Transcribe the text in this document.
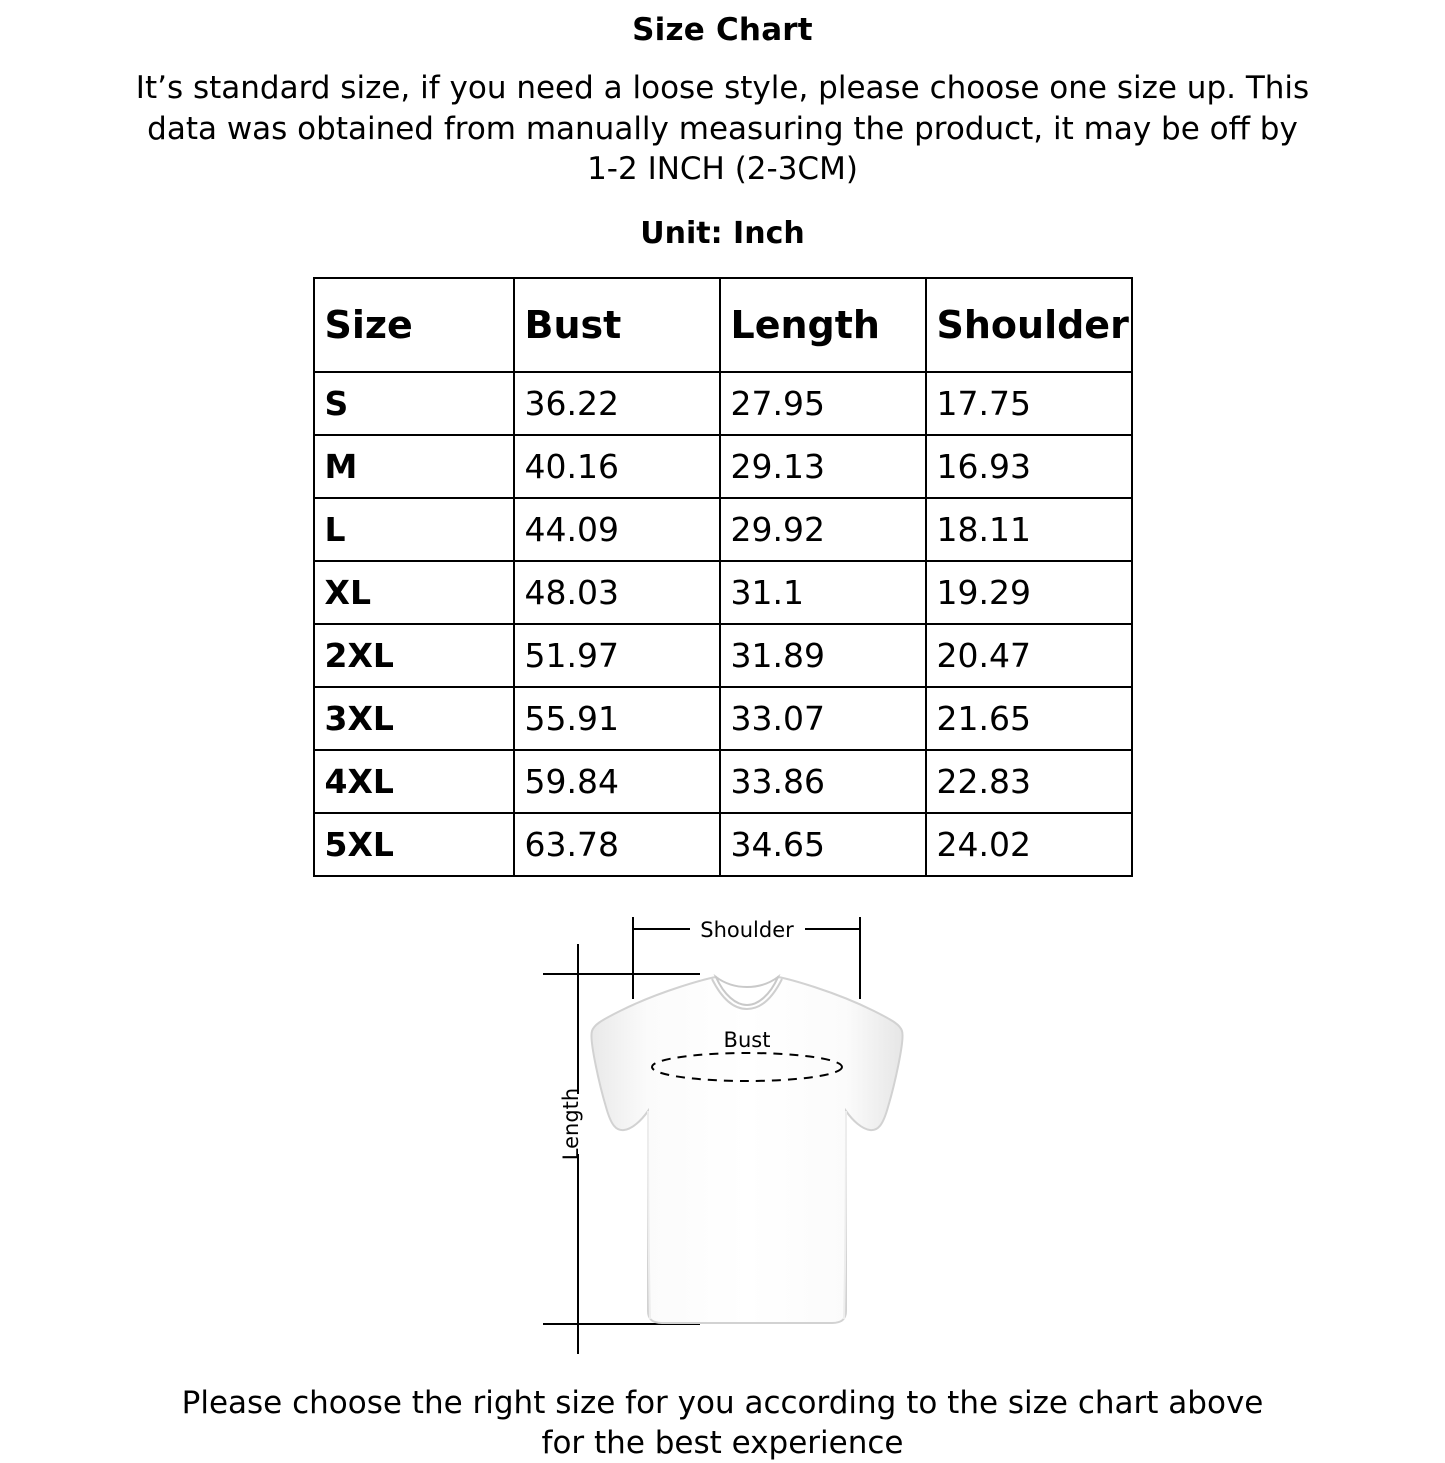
Size Chart
It’s standard size, if you need a loose style, please choose one size up. This data was obtained from manually measuring the product, it may be off by 1-2 INCH (2-3CM)
Unit: Inch
Size	Bust	Length	Shoulder
S	36.22	27.95	17.75
M	40.16	29.13	16.93
L	44.09	29.92	18.11
XL	48.03	31.1	19.29
2XL	51.97	31.89	20.47
3XL	55.91	33.07	21.65
4XL	59.84	33.86	22.83
5XL	63.78	34.65	24.02
Shoulder
Length
Bust
Please choose the right size for you according to the size chart above for the best experience
